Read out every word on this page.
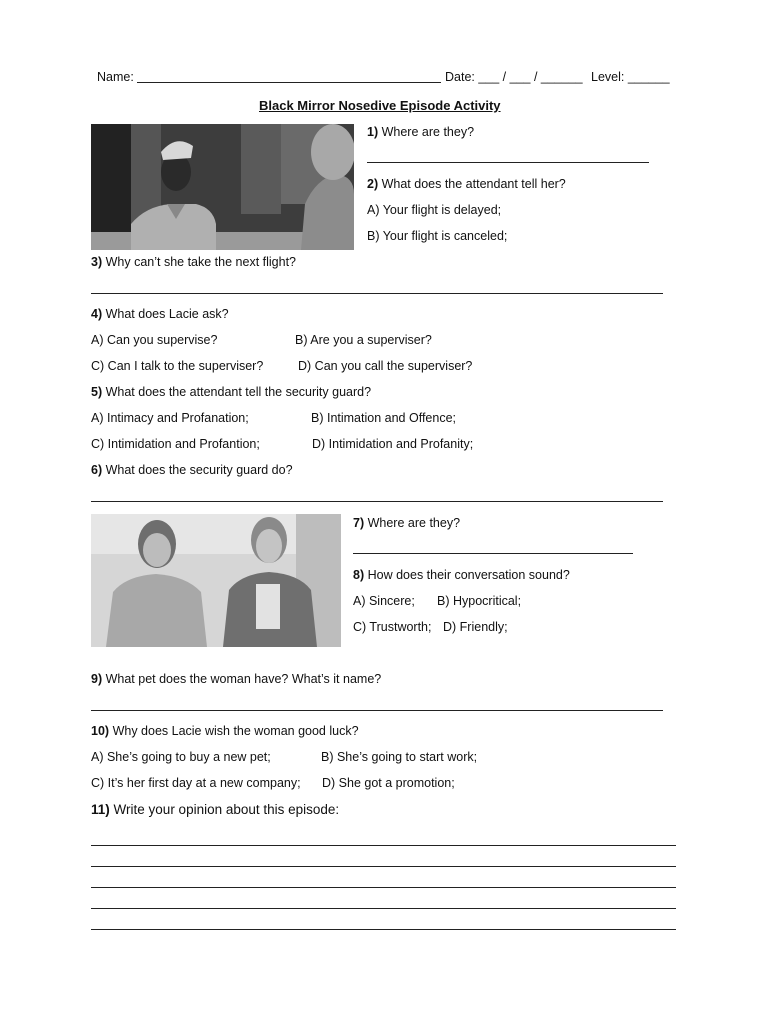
Name:	Date: ___ / ___ / ______ Level: ______
Black Mirror Nosedive Episode Activity
1) Where are they?
2) What does the attendant tell her?
A) Your flight is delayed;
B) Your flight is canceled;
3) Why can’t she take the next flight?
4) What does Lacie ask?
A) Can you supervise?	B) Are you a superviser?
C) Can I talk to the superviser?	D) Can you call the superviser?
5) What does the attendant tell the security guard?
A) Intimacy and Profanation;	B) Intimation and Offence;
C) Intimidation and Profantion;	D) Intimidation and Profanity;
6) What does the security guard do?
7) Where are they?
8) How does their conversation sound?
A) Sincere; B) Hypocritical;
C) Trustworth; D) Friendly;
9) What pet does the woman have? What’s it name?
10) Why does Lacie wish the woman good luck?
A) She’s going to buy a new pet;	B) She’s going to start work;
C) It’s her first day at a new company; D) She got a promotion;
11) Write your opinion about this episode:
